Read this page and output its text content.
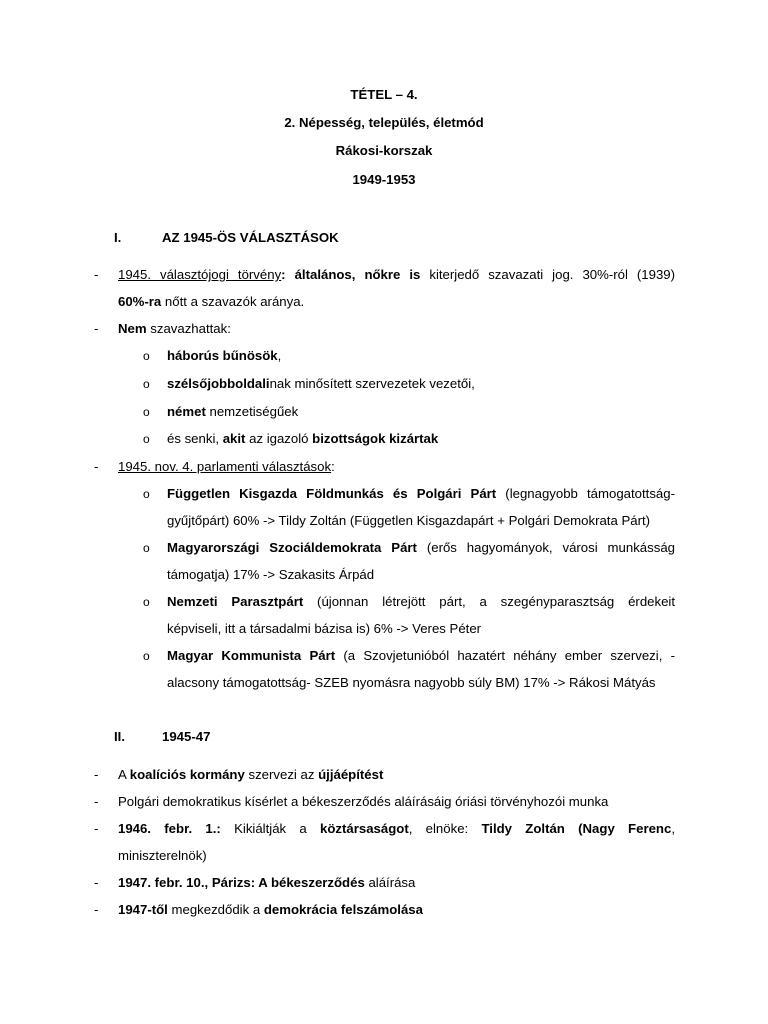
TÉTEL – 4.
2. Népesség, település, életmód
Rákosi-korszak
1949-1953
I.	AZ 1945-ÖS VÁLASZTÁSOK
- 1945. választójogi törvény: általános, nőkre is kiterjedő szavazati jog. 30%-ról (1939)
60%-ra nőtt a szavazók aránya.
- Nem szavazhattak:
o háborús bűnösök,
o szélsőjobboldalinak minősített szervezetek vezetői,
o német nemzetiségűek
o és senki, akit az igazoló bizottságok kizártak
- 1945. nov. 4. parlamenti választások:
o Független Kisgazda Földmunkás és Polgári Párt (legnagyobb támogatottság-
gyűjtőpárt) 60% -> Tildy Zoltán (Független Kisgazdapárt + Polgári Demokrata Párt)
o Magyarországi Szociáldemokrata Párt (erős hagyományok, városi munkásság
támogatja) 17% -> Szakasits Árpád
o Nemzeti Parasztpárt (újonnan létrejött párt, a szegényparasztság érdekeit
képviseli, itt a társadalmi bázisa is) 6% -> Veres Péter
o Magyar Kommunista Párt (a Szovjetunióból hazatért néhány ember szervezi, -
alacsony támogatottság- SZEB nyomásra nagyobb súly BM) 17% -> Rákosi Mátyás
II.	1945-47
- A koalíciós kormány szervezi az újjáépítést
- Polgári demokratikus kísérlet a békeszerződés aláírásáig óriási törvényhozói munka
- 1946. febr. 1.: Kikiáltják a köztársaságot, elnöke: Tildy Zoltán (Nagy Ferenc,
miniszterelnök)
- 1947. febr. 10., Párizs: A békeszerződés aláírása
- 1947-től megkezdődik a demokrácia felszámolása
